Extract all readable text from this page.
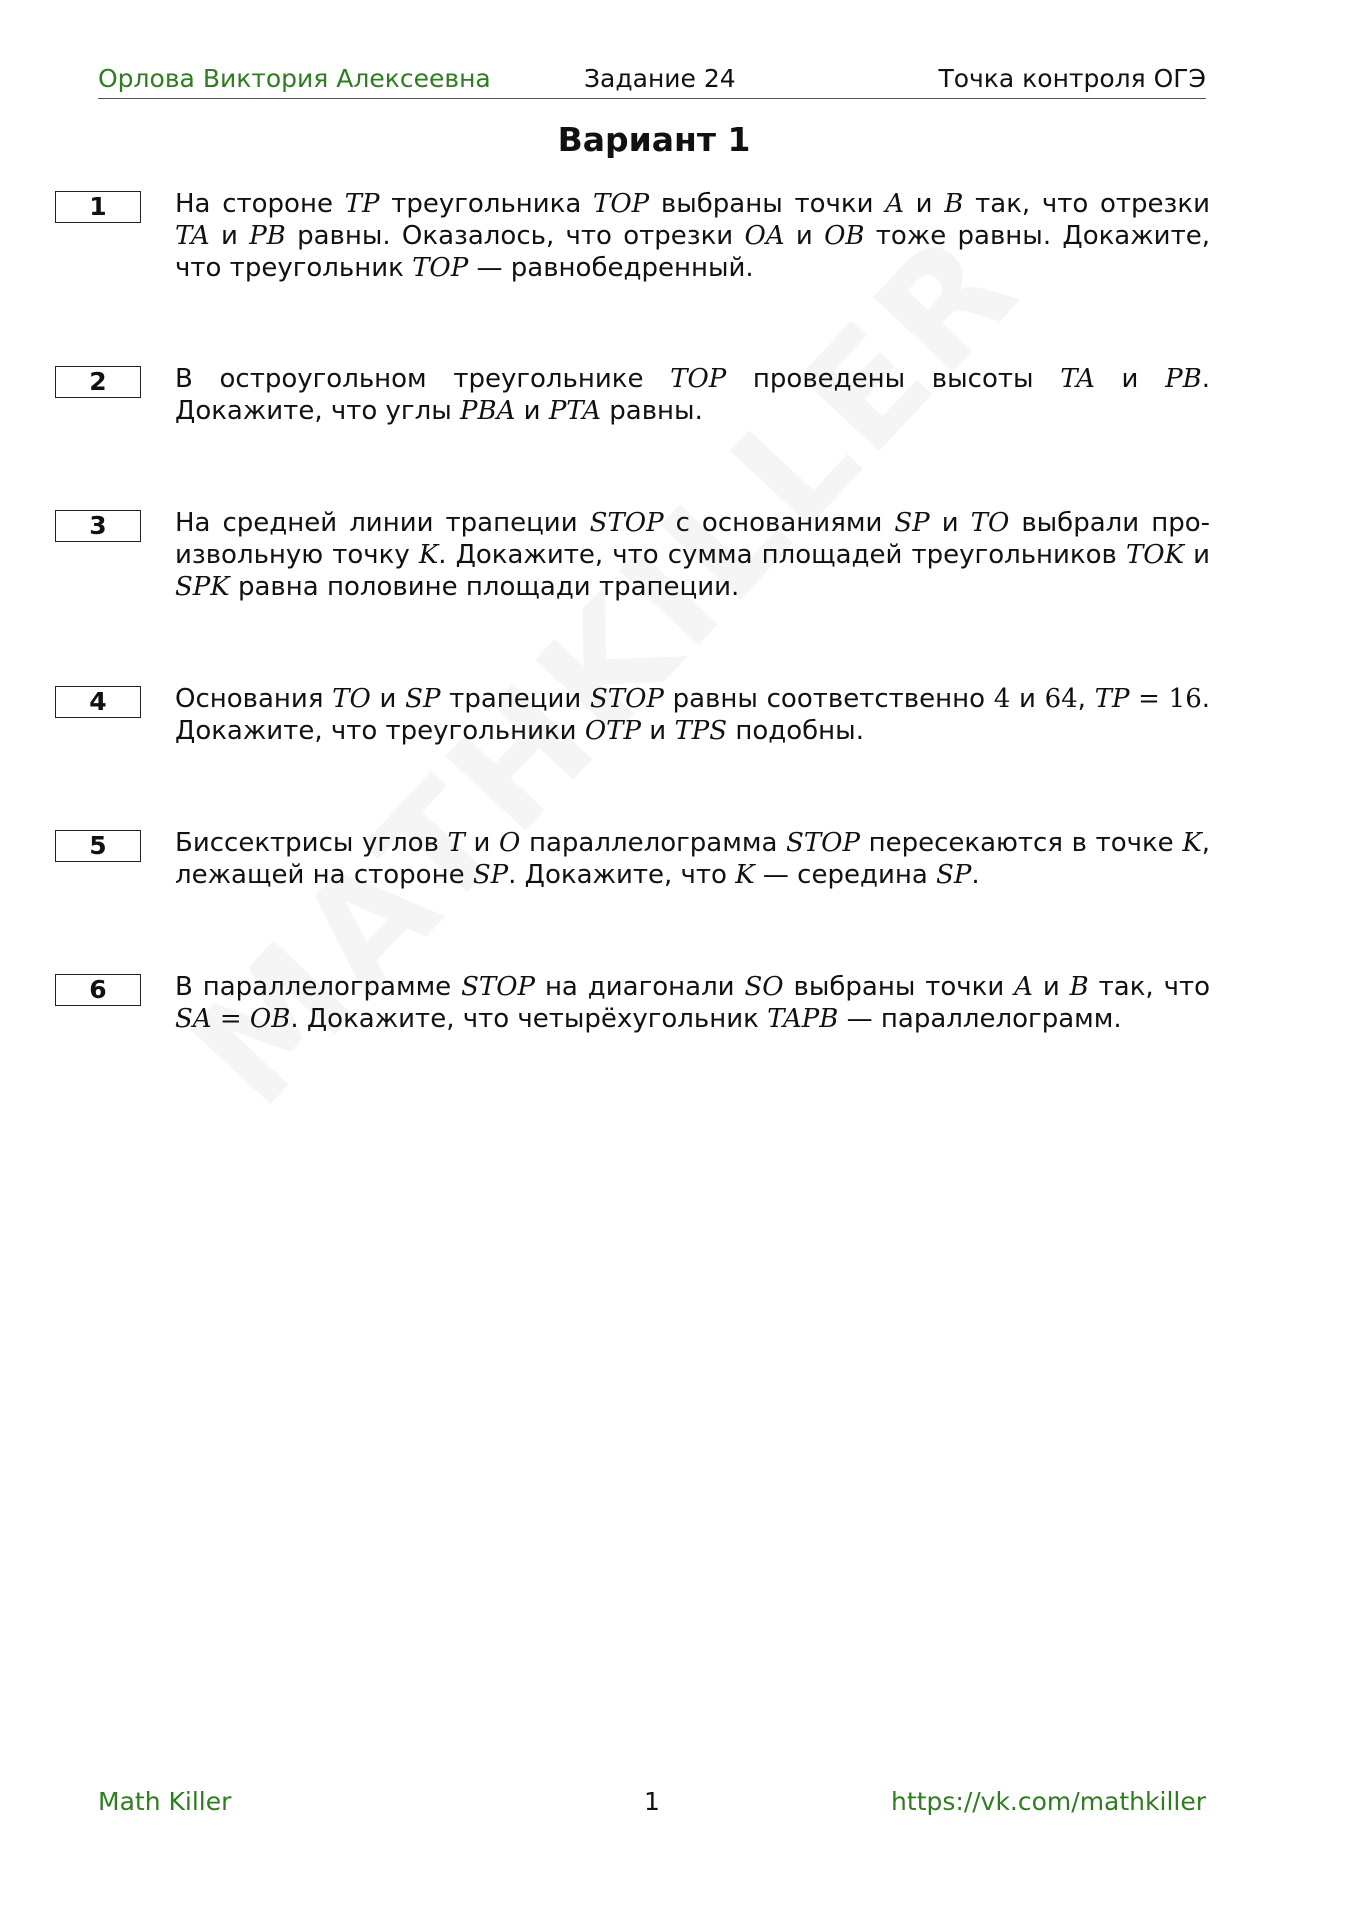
Орлова Виктория Алексеевна	Задание 24	Точка контроля ОГЭ
Вариант 1
1	На стороне TP треугольника TOP выбраны точки A и B так, что отрезки TA и PB равны. Оказалось, что отрезки OA и OB тоже равны. Докажите, что треугольник TOP — равнобедренный.
2	В остроугольном треугольнике TOP проведены высоты TA и PB. Докажите, что углы PBA и PTA равны.
3	На средней линии трапеции STOP с основаниями SP и TO выбрали произвольную точку K. Докажите, что сумма площадей треугольников TOK и SPK равна половине площади трапеции.
4	Основания TO и SP трапеции STOP равны соответственно 4 и 64, TP = 16. Докажите, что треугольники OTP и TPS подобны.
5	Биссектрисы углов T и O параллелограмма STOP пересекаются в точке K, лежащей на стороне SP. Докажите, что K — середина SP.
6	В параллелограмме STOP на диагонали SO выбраны точки A и B так, что SA = OB. Докажите, что четырёхугольник TAPB — параллелограмм.
Math Killer	1	https://vk.com/mathkiller
